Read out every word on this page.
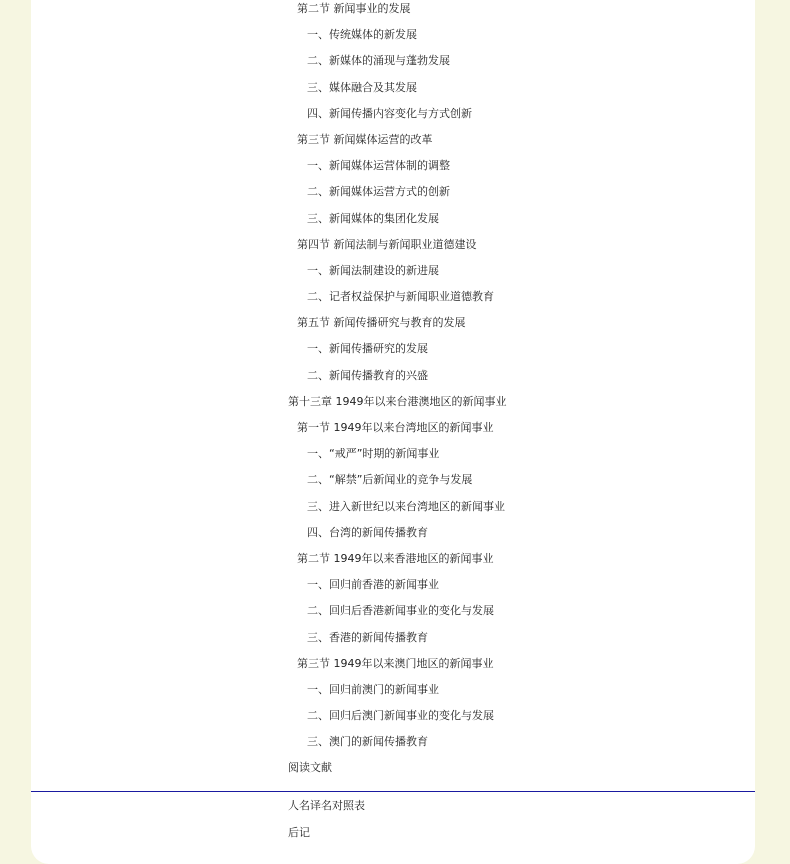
第二节 新闻事业的发展
一、传统媒体的新发展
二、新媒体的涌现与蓬勃发展
三、媒体融合及其发展
四、新闻传播内容变化与方式创新
第三节 新闻媒体运营的改革
一、新闻媒体运营体制的调整
二、新闻媒体运营方式的创新
三、新闻媒体的集团化发展
第四节 新闻法制与新闻职业道德建设
一、新闻法制建设的新进展
二、记者权益保护与新闻职业道德教育
第五节 新闻传播研究与教育的发展
一、新闻传播研究的发展
二、新闻传播教育的兴盛
第十三章 1949年以来台港澳地区的新闻事业
第一节 1949年以来台湾地区的新闻事业
一、“戒严”时期的新闻事业
二、“解禁”后新闻业的竞争与发展
三、进入新世纪以来台湾地区的新闻事业
四、台湾的新闻传播教育
第二节 1949年以来香港地区的新闻事业
一、回归前香港的新闻事业
二、回归后香港新闻事业的变化与发展
三、香港的新闻传播教育
第三节 1949年以来澳门地区的新闻事业
一、回归前澳门的新闻事业
二、回归后澳门新闻事业的变化与发展
三、澳门的新闻传播教育
阅读文献
人名译名对照表
后记
